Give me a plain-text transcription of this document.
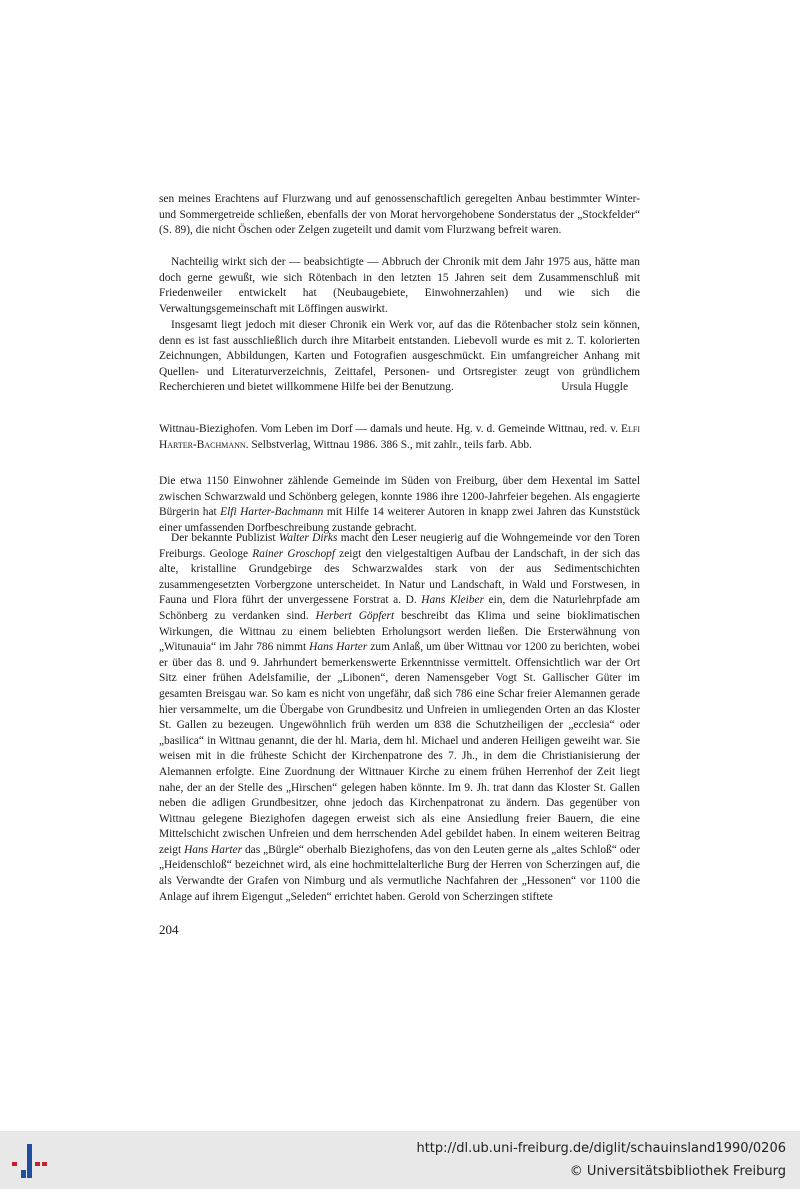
sen meines Erachtens auf Flurzwang und auf genossenschaftlich geregelten Anbau bestimmter Winter- und Sommergetreide schließen, ebenfalls der von Morat hervorgehobene Sonderstatus der „Stockfelder“ (S. 89), die nicht Öschen oder Zelgen zugeteilt und damit vom Flurzwang befreit waren.

Nachteilig wirkt sich der — beabsichtigte — Abbruch der Chronik mit dem Jahr 1975 aus, hätte man doch gerne gewußt, wie sich Rötenbach in den letzten 15 Jahren seit dem Zusammenschluß mit Friedenweiler entwickelt hat (Neubaugebiete, Einwohnerzahlen) und wie sich die Verwaltungsgemeinschaft mit Löffingen auswirkt.

Insgesamt liegt jedoch mit dieser Chronik ein Werk vor, auf das die Rötenbacher stolz sein können, denn es ist fast ausschließlich durch ihre Mitarbeit entstanden. Liebevoll wurde es mit z. T. kolorierten Zeichnungen, Abbildungen, Karten und Fotografien ausgeschmückt. Ein umfangreicher Anhang mit Quellen- und Literaturverzeichnis, Zeittafel, Personen- und Ortsregister zeugt von gründlichem Recherchieren und bietet willkommene Hilfe bei der Benutzung.	Ursula Huggle

Wittnau-Biezighofen. Vom Leben im Dorf — damals und heute. Hg. v. d. Gemeinde Wittnau, red. v. Elfi Harter-Bachmann. Selbstverlag, Wittnau 1986. 386 S., mit zahlr., teils farb. Abb.

Die etwa 1150 Einwohner zählende Gemeinde im Süden von Freiburg, über dem Hexental im Sattel zwischen Schwarzwald und Schönberg gelegen, konnte 1986 ihre 1200-Jahrfeier begehen. Als engagierte Bürgerin hat Elfi Harter-Bachmann mit Hilfe 14 weiterer Autoren in knapp zwei Jahren das Kunststück einer umfassenden Dorfbeschreibung zustande gebracht.

Der bekannte Publizist Walter Dirks macht den Leser neugierig auf die Wohngemeinde vor den Toren Freiburgs. Geologe Rainer Groschopf zeigt den vielgestaltigen Aufbau der Landschaft, in der sich das alte, kristalline Grundgebirge des Schwarzwaldes stark von der aus Sedimentschichten zusammengesetzten Vorbergzone unterscheidet. In Natur und Landschaft, in Wald und Forstwesen, in Fauna und Flora führt der unvergessene Forstrat a. D. Hans Kleiber ein, dem die Naturlehrpfade am Schönberg zu verdanken sind. Herbert Göpfert beschreibt das Klima und seine bioklimatischen Wirkungen, die Wittnau zu einem beliebten Erholungsort werden ließen. Die Ersterwähnung von „Witunauia“ im Jahr 786 nimmt Hans Harter zum Anlaß, um über Wittnau vor 1200 zu berichten, wobei er über das 8. und 9. Jahrhundert bemerkenswerte Erkenntnisse vermittelt. Offensichtlich war der Ort Sitz einer frühen Adelsfamilie, der „Libonen“, deren Namensgeber Vogt St. Gallischer Güter im gesamten Breisgau war. So kam es nicht von ungefähr, daß sich 786 eine Schar freier Alemannen gerade hier versammelte, um die Übergabe von Grundbesitz und Unfreien in umliegenden Orten an das Kloster St. Gallen zu bezeugen. Ungewöhnlich früh werden um 838 die Schutzheiligen der „ecclesia“ oder „basilica“ in Wittnau genannt, die der hl. Maria, dem hl. Michael und anderen Heiligen geweiht war. Sie weisen mit in die früheste Schicht der Kirchenpatrone des 7. Jh., in dem die Christianisierung der Alemannen erfolgte. Eine Zuordnung der Wittnauer Kirche zu einem frühen Herrenhof der Zeit liegt nahe, der an der Stelle des „Hirschen“ gelegen haben könnte. Im 9. Jh. trat dann das Kloster St. Gallen neben die adligen Grundbesitzer, ohne jedoch das Kirchenpatronat zu ändern. Das gegenüber von Wittnau gelegene Biezighofen dagegen erweist sich als eine Ansiedlung freier Bauern, die eine Mittelschicht zwischen Unfreien und dem herrschenden Adel gebildet haben. In einem weiteren Beitrag zeigt Hans Harter das „Bürgle“ oberhalb Biezighofens, das von den Leuten gerne als „altes Schloß“ oder „Heidenschloß“ bezeichnet wird, als eine hochmittelalterliche Burg der Herren von Scherzingen auf, die als Verwandte der Grafen von Nimburg und als vermutliche Nachfahren der „Hessonen“ vor 1100 die Anlage auf ihrem Eigengut „Seleden“ errichtet haben. Gerold von Scherzingen stiftete

204
http://dl.ub.uni-freiburg.de/diglit/schauinsland1990/0206
© Universitätsbibliothek Freiburg
